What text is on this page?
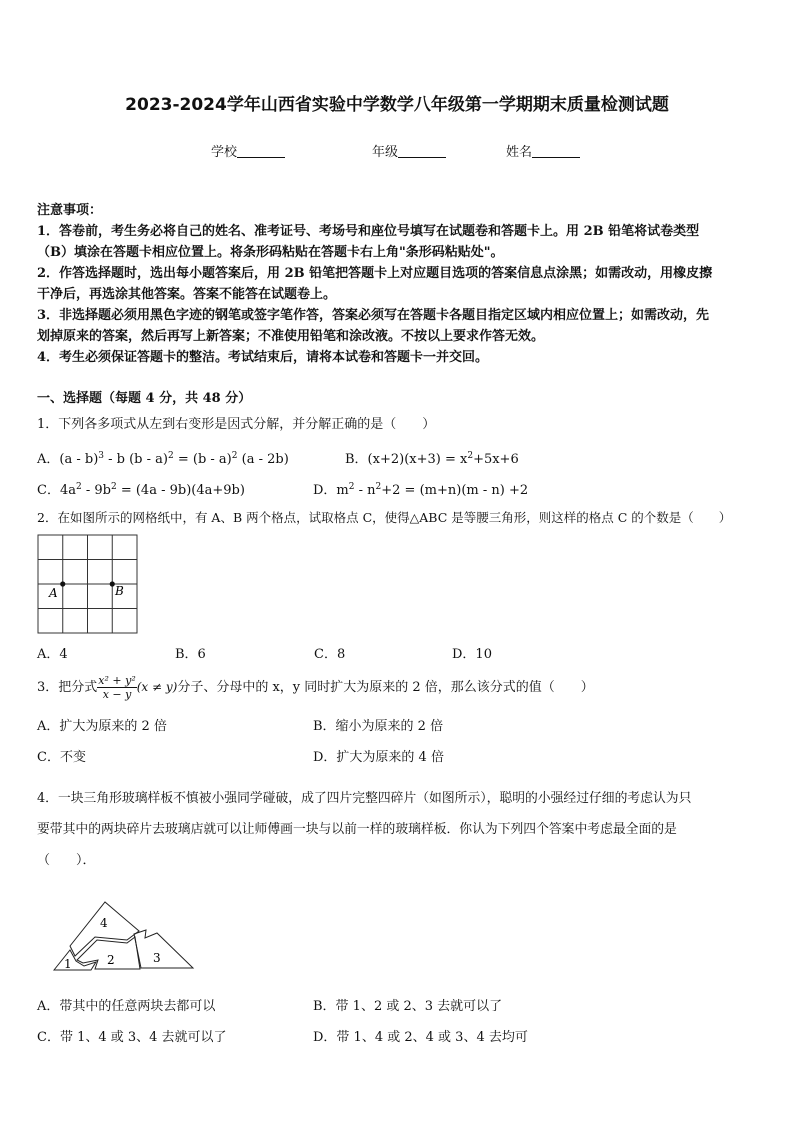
2023-2024学年山西省实验中学数学八年级第一学期期末质量检测试题
学校	年级	姓名
注意事项：
1．答卷前，考生务必将自己的姓名、准考证号、考场号和座位号填写在试题卷和答题卡上。用 2B 铅笔将试卷类型
（B）填涂在答题卡相应位置上。将条形码粘贴在答题卡右上角"条形码粘贴处"。
2．作答选择题时，选出每小题答案后，用 2B 铅笔把答题卡上对应题目选项的答案信息点涂黑；如需改动，用橡皮擦
干净后，再选涂其他答案。答案不能答在试题卷上。
3．非选择题必须用黑色字迹的钢笔或签字笔作答，答案必须写在答题卡各题目指定区域内相应位置上；如需改动，先
划掉原来的答案，然后再写上新答案；不准使用铅笔和涂改液。不按以上要求作答无效。
4．考生必须保证答题卡的整洁。考试结束后，请将本试卷和答题卡一并交回。
一、选择题（每题 4 分，共 48 分）
1．下列各多项式从左到右变形是因式分解，并分解正确的是（　　）
A．(a - b)$^3$ - b (b - a)$^2$ = (b - a)$^2$ (a - 2b)	B．$(x+2)(x+3) = x^2+5x+6$
C．$4a^2 - 9b^2 = (4a - 9b)(4a+9b)$	D．$m^2 - n^2+2 = (m+n)(m - n) +2$
2．在如图所示的网格纸中，有 A、B 两个格点，试取格点 C，使得△ABC 是等腰三角形，则这样的格点 C 的个数是（　　）
A	B
A．4	B．6	C．8	D．10
3．把分式 $\frac{\text{x² + y²}}{x - y} (x \ne y)$分子、分母中的 x，y 同时扩大为原来的 2 倍，那么该分式的值（　　）
A．扩大为原来的 2 倍	B．缩小为原来的 2 倍
C．不变	D．扩大为原来的 4 倍
4．一块三角形玻璃样板不慎被小强同学碰破，成了四片完整四碎片（如图所示），聪明的小强经过仔细的考虑认为只
要带其中的两块碎片去玻璃店就可以让师傅画一块与以前一样的玻璃样板．你认为下列四个答案中考虑最全面的是
（　　）．
4
2	3
1
A．带其中的任意两块去都可以	B．带 1、2 或 2、3 去就可以了
C．带 1、4 或 3、4 去就可以了	D．带 1、4 或 2、4 或 3、4 去均可
